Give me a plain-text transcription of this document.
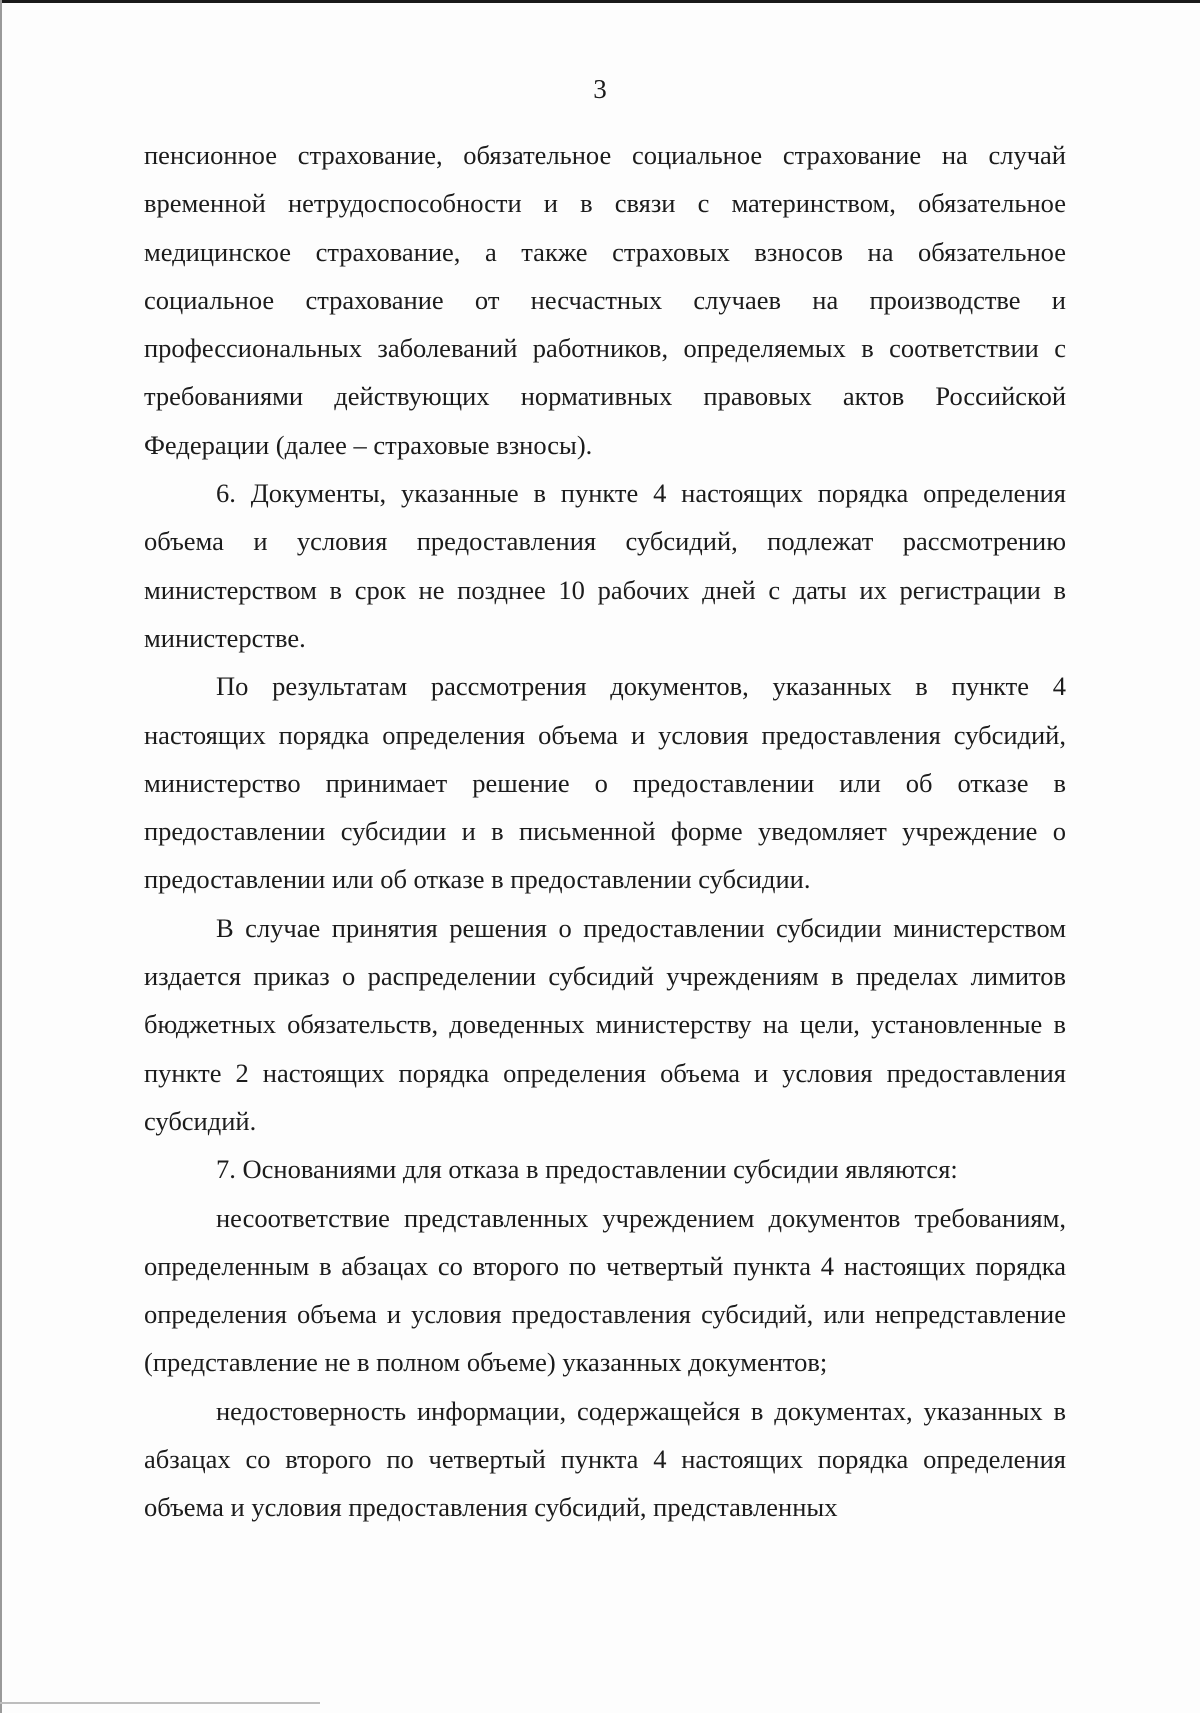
3

пенсионное страхование, обязательное социальное страхование на случай временной нетрудоспособности и в связи с материнством, обязательное медицинское страхование, а также страховых взносов на обязательное социальное страхование от несчастных случаев на производстве и профессиональных заболеваний работников, определяемых в соответствии с требованиями действующих нормативных правовых актов Российской Федерации (далее – страховые взносы).

6. Документы, указанные в пункте 4 настоящих порядка определения объема и условия предоставления субсидий, подлежат рассмотрению министерством в срок не позднее 10 рабочих дней с даты их регистрации в министерстве.

По результатам рассмотрения документов, указанных в пункте 4 настоящих порядка определения объема и условия предоставления субсидий, министерство принимает решение о предоставлении или об отказе в предоставлении субсидии и в письменной форме уведомляет учреждение о предоставлении или об отказе в предоставлении субсидии.

В случае принятия решения о предоставлении субсидии министерством издается приказ о распределении субсидий учреждениям в пределах лимитов бюджетных обязательств, доведенных министерству на цели, установленные в пункте 2 настоящих порядка определения объема и условия предоставления субсидий.

7. Основаниями для отказа в предоставлении субсидии являются:

несоответствие представленных учреждением документов требованиям, определенным в абзацах со второго по четвертый пункта 4 настоящих порядка определения объема и условия предоставления субсидий, или непредставление (представление не в полном объеме) указанных документов;

недостоверность информации, содержащейся в документах, указанных в абзацах со второго по четвертый пункта 4 настоящих порядка определения объема и условия предоставления субсидий, представленных
